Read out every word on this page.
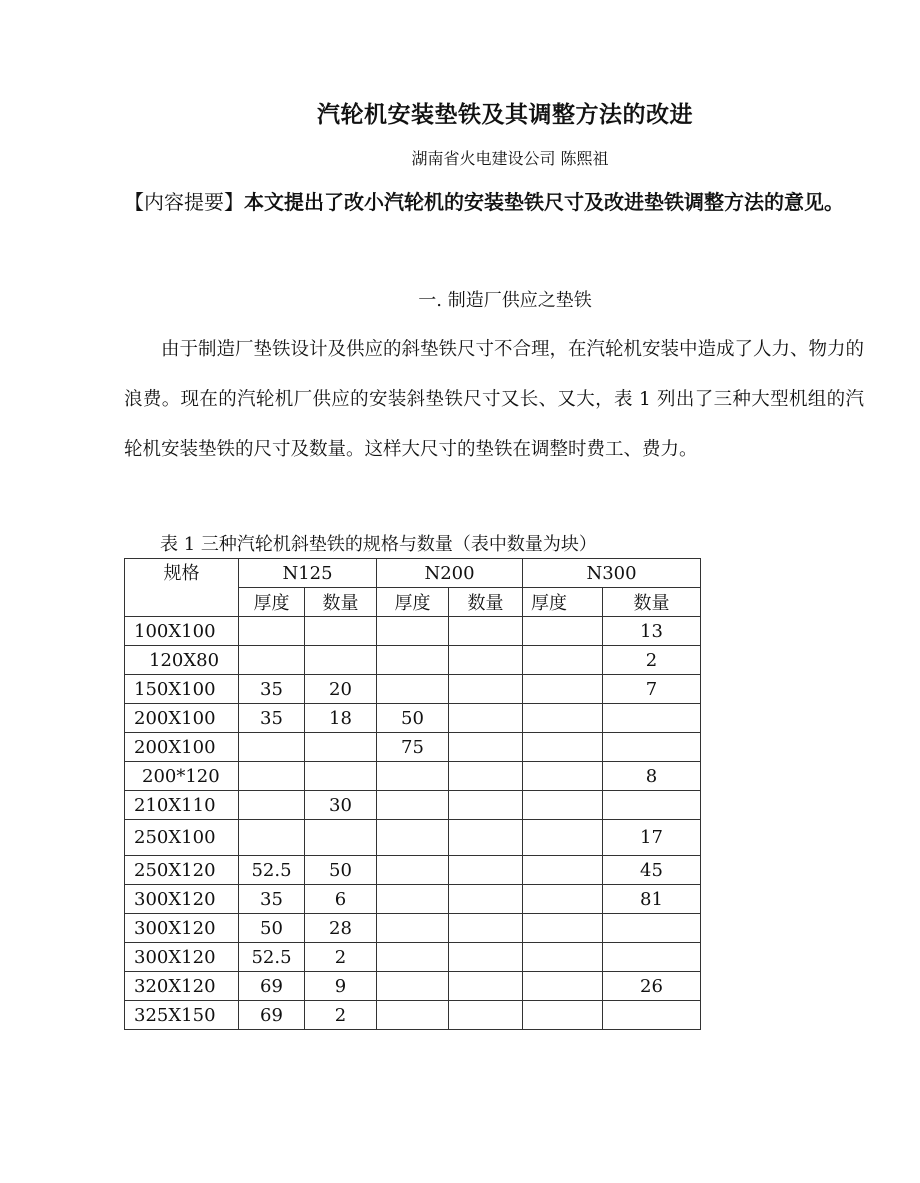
汽轮机安装垫铁及其调整方法的改进
湖南省火电建设公司 陈熙祖
【内容提要】本文提出了改小汽轮机的安装垫铁尺寸及改进垫铁调整方法的意见。
一. 制造厂供应之垫铁
由于制造厂垫铁设计及供应的斜垫铁尺寸不合理，在汽轮机安装中造成了人力、物力的浪费。现在的汽轮机厂供应的安装斜垫铁尺寸又长、又大，表 1 列出了三种大型机组的汽轮机安装垫铁的尺寸及数量。这样大尺寸的垫铁在调整时费工、费力。
表 1 三种汽轮机斜垫铁的规格与数量（表中数量为块）
规格	N125		N200		N300	
	厚度	数量	厚度	数量	厚度	数量
100X100						13
120X80						2
150X100	35	20				7
200X100	35	18	50			
200X100			75			
200*120						8
210X110		30				
250X100						17
250X120	52.5	50				45
300X120	35	6				81
300X120	50	28				
300X120	52.5	2				
320X120	69	9				26
325X150	69	2				
